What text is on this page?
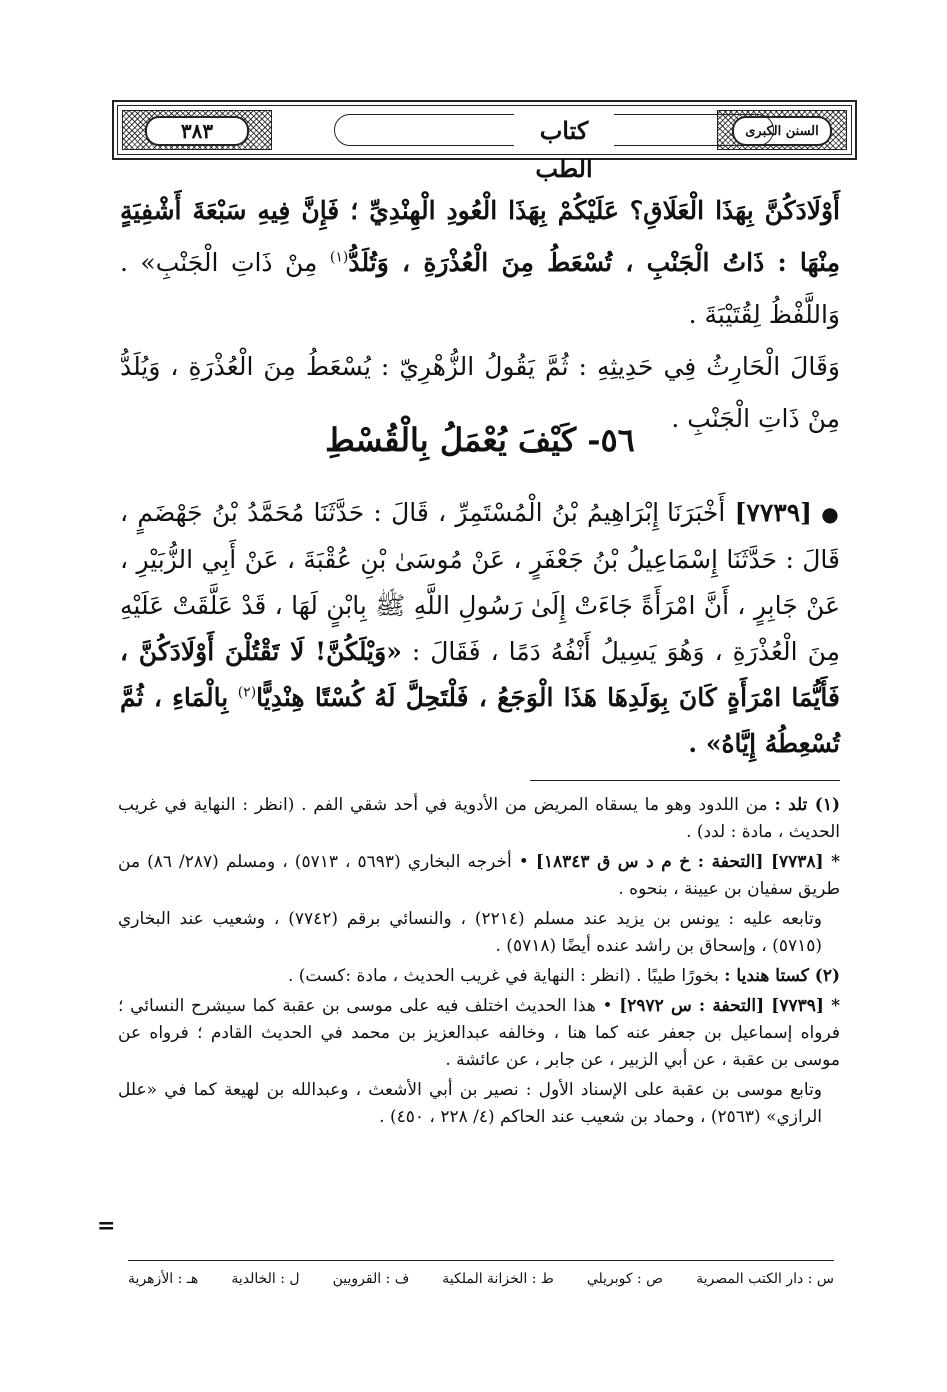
السنن الكبرى
كتاب الطب
٣٨٣

أَوْلَادَكُنَّ بِهَذَا الْعَلَاقِ؟ عَلَيْكُمْ بِهَذَا الْعُودِ الْهِنْدِيِّ ؛ فَإِنَّ فِيهِ سَبْعَةَ أَشْفِيَةٍ مِنْهَا : ذَاتُ الْجَنْبِ ، تُسْعَطُ مِنَ الْعُذْرَةِ ، وَتُلَدُّ$^{(١)}$ مِنْ ذَاتِ الْجَنْبِ» . وَاللَّفْظُ لِقُتَيْبَةَ .

وَقَالَ الْحَارِثُ فِي حَدِيثِهِ : ثُمَّ يَقُولُ الزُّهْرِيّ : يُسْعَطُ مِنَ الْعُذْرَةِ ، وَيُلَدُّ مِنْ ذَاتِ الْجَنْبِ .

٥٦- كَيْفَ يُعْمَلُ بِالْقُسْطِ

● [٧٧٣٩] أَخْبَرَنَا إِبْرَاهِيمُ بْنُ الْمُسْتَمِرِّ ، قَالَ : حَدَّثَنَا مُحَمَّدُ بْنُ جَهْضَمٍ ، قَالَ : حَدَّثَنَا إِسْمَاعِيلُ بْنُ جَعْفَرٍ ، عَنْ مُوسَىٰ بْنِ عُقْبَةَ ، عَنْ أَبِي الزُّبَيْرِ ، عَنْ جَابِرٍ ، أَنَّ امْرَأَةً جَاءَتْ إِلَىٰ رَسُولِ اللَّهِ ﷺ بِابْنٍ لَهَا ، قَدْ عَلَّقَتْ عَلَيْهِ مِنَ الْعُذْرَةِ ، وَهُوَ يَسِيلُ أَنْفُهُ دَمًا ، فَقَالَ : «وَيْلَكُنَّ! لَا تَقْتُلْنَ أَوْلَادَكُنَّ ، فَأَيُّمَا امْرَأَةٍ كَانَ بِوَلَدِهَا هَذَا الْوَجَعُ ، فَلْتَحِلَّ لَهُ كُسْتًا هِنْدِيًّا$^{(٢)}$ بِالْمَاءِ ، ثُمَّ تُسْعِطُهُ إِيَّاهُ» .

(١) تلد : من اللدود وهو ما يسقاه المريض من الأدوية في أحد شقي الفم . (انظر : النهاية في غريب الحديث ، مادة : لدد) .

* [٧٧٣٨] [التحفة : خ م د س ق ١٨٣٤٣] • أخرجه البخاري (٥٦٩٣ ، ٥٧١٣) ، ومسلم (٢٨٧/ ٨٦) من طريق سفيان بن عيينة ، بنحوه .

وتابعه عليه : يونس بن يزيد عند مسلم (٢٢١٤) ، والنسائي برقم (٧٧٤٢) ، وشعيب عند البخاري (٥٧١٥) ، وإسحاق بن راشد عنده أيضًا (٥٧١٨) .

(٢) كستا هنديا : بخورًا طيبًا . (انظر : النهاية في غريب الحديث ، مادة :كست) .

* [٧٧٣٩] [التحفة : س ٢٩٧٢] • هذا الحديث اختلف فيه على موسى بن عقبة كما سيشرح النسائي ؛ فرواه إسماعيل بن جعفر عنه كما هنا ، وخالفه عبدالعزيز بن محمد في الحديث القادم ؛ فرواه عن موسى بن عقبة ، عن أبي الزبير ، عن جابر ، عن عائشة .

وتابع موسى بن عقبة على الإسناد الأول : نصير بن أبي الأشعث ، وعبدالله بن لهيعة كما في «علل الرازي» (٢٥٦٣) ، وحماد بن شعيب عند الحاكم (٤/ ٢٢٨ ، ٤٥٠) .

=
س : دار الكتب المصرية
ص : كوبريلي
ط : الخزانة الملكية
ف : القرويين
ل : الخالدية
هـ : الأزهرية
